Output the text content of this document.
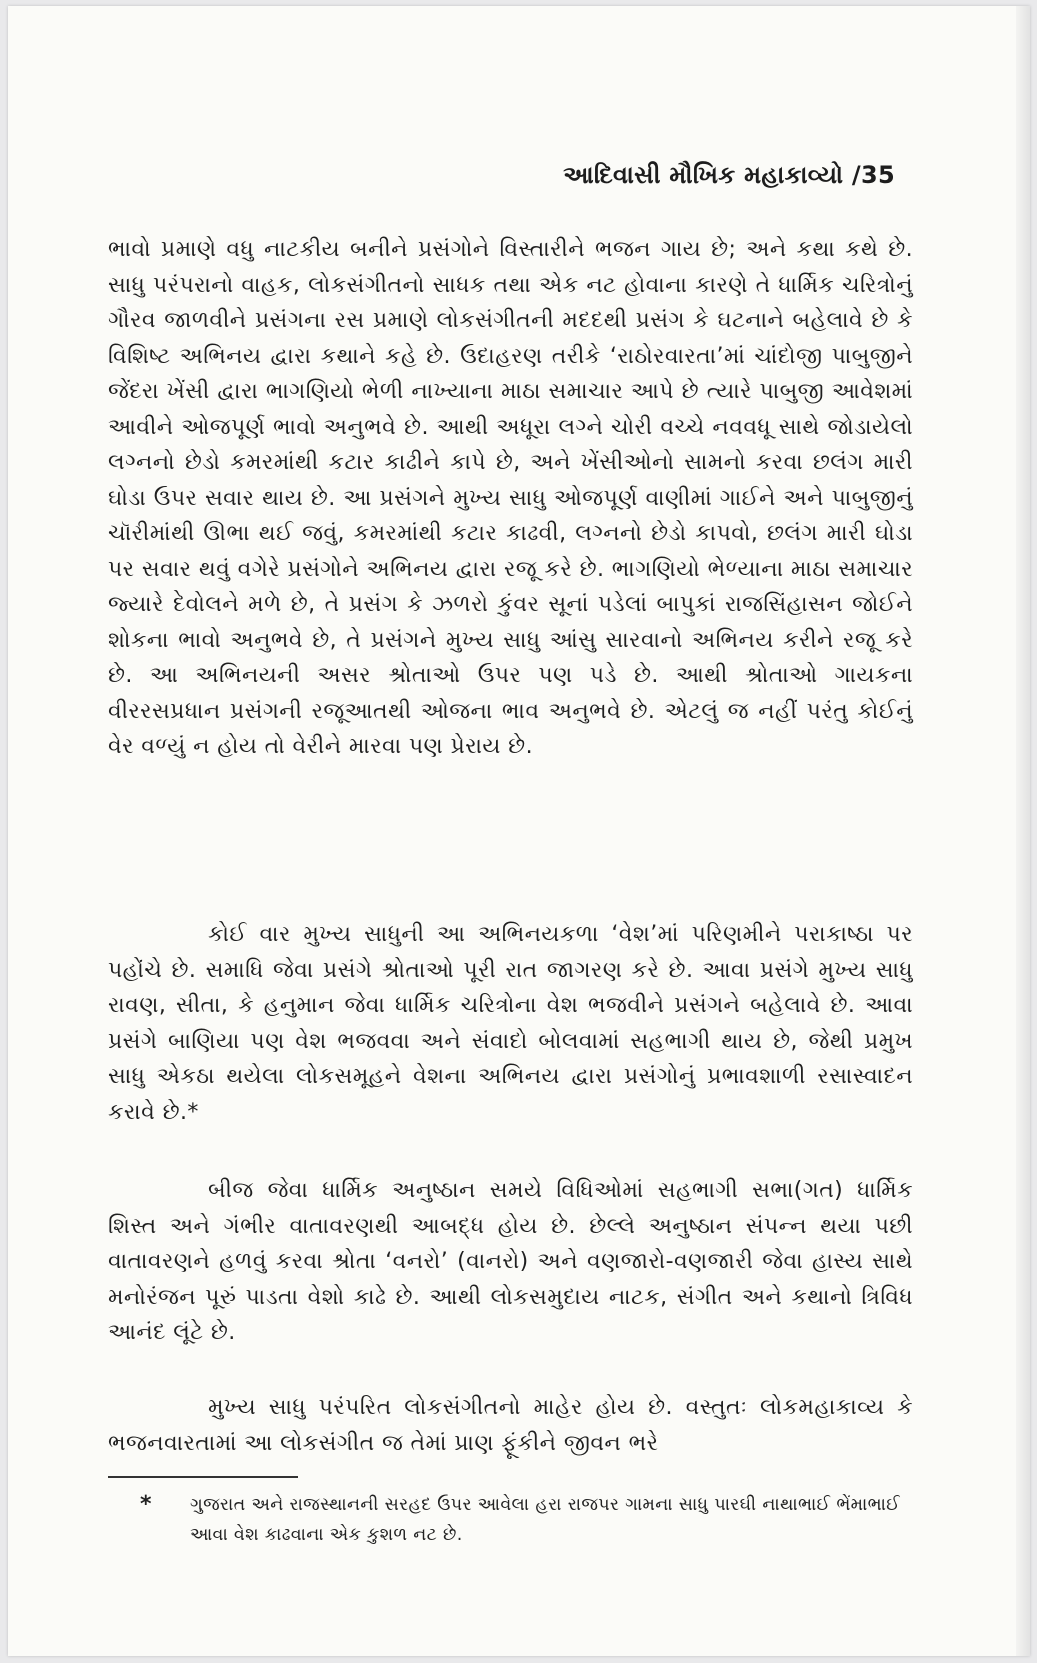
આદિવાસી મૌખિક મહાકાવ્યો /35

ભાવો પ્રમાણે વધુ નાટકીય બનીને પ્રસંગોને વિસ્તારીને ભજન ગાય છે; અને કથા કથે છે. સાધુ પરંપરાનો વાહક, લોકસંગીતનો સાધક તથા એક નટ હોવાના કારણે તે ધાર્મિક ચરિત્રોનું ગૌરવ જાળવીને પ્રસંગના રસ પ્રમાણે લોકસંગીતની મદદથી પ્રસંગ કે ઘટનાને બહેલાવે છે કે વિશિષ્ટ અભિનય દ્વારા કથાને કહે છે. ઉદાહરણ તરીકે ‘રાઠોરવારતા’માં ચાંદોજી પાબુજીને જેંદરા ખેંસી દ્વારા ભાગણિયો ભેળી નાખ્યાના માઠા સમાચાર આપે છે ત્યારે પાબુજી આવેશમાં આવીને ઓજપૂર્ણ ભાવો અનુભવે છે. આથી અધૂરા લગ્ને ચોરી વચ્ચે નવવધૂ સાથે જોડાયેલો લગ્નનો છેડો કમરમાંથી કટાર કાઢીને કાપે છે, અને ખેંસીઓનો સામનો કરવા છલંગ મારી ઘોડા ઉપર સવાર થાય છે. આ પ્રસંગને મુખ્ય સાધુ ઓજપૂર્ણ વાણીમાં ગાઈને અને પાબુજીનું ચૉરીમાંથી ઊભા થઈ જવું, કમરમાંથી કટાર કાઢવી, લગ્નનો છેડો કાપવો, છલંગ મારી ઘોડા પર સવાર થવું વગેરે પ્રસંગોને અભિનય દ્વારા રજૂ કરે છે. ભાગણિયો ભેળ્યાના માઠા સમાચાર જ્યારે દેવોલને મળે છે, તે પ્રસંગ કે ઝળરો કુંવર સૂનાં પડેલાં બાપુકાં રાજસિંહાસન જોઈને શોકના ભાવો અનુભવે છે, તે પ્રસંગને મુખ્ય સાધુ આંસુ સારવાનો અભિનય કરીને રજૂ કરે છે. આ અભિનયની અસર શ્રોતાઓ ઉપર પણ પડે છે. આથી શ્રોતાઓ ગાયકના વીરરસપ્રધાન પ્રસંગની રજૂઆતથી ઓજના ભાવ અનુભવે છે. એટલું જ નહીં પરંતુ કોઈનું વેર વળ્યું ન હોય તો વેરીને મારવા પણ પ્રેરાય છે.

કોઈ વાર મુખ્ય સાધુની આ અભિનયકળા ‘વેશ’માં પરિણમીને પરાકાષ્ઠા પર પહોંચે છે. સમાધિ જેવા પ્રસંગે શ્રોતાઓ પૂરી રાત જાગરણ કરે છે. આવા પ્રસંગે મુખ્ય સાધુ રાવણ, સીતા, કે હનુમાન જેવા ધાર્મિક ચરિત્રોના વેશ ભજવીને પ્રસંગને બહેલાવે છે. આવા પ્રસંગે બાણિયા પણ વેશ ભજવવા અને સંવાદો બોલવામાં સહભાગી થાય છે, જેથી પ્રમુખ સાધુ એકઠા થયેલા લોકસમૂહને વેશના અભિનય દ્વારા પ્રસંગોનું પ્રભાવશાળી રસાસ્વાદન કરાવે છે.*

બીજ જેવા ધાર્મિક અનુષ્ઠાન સમયે વિધિઓમાં સહભાગી સભા(ગત) ધાર્મિક શિસ્ત અને ગંભીર વાતાવરણથી આબદ્ધ હોય છે. છેલ્લે અનુષ્ઠાન સંપન્ન થયા પછી વાતાવરણને હળવું કરવા શ્રોતા ‘વનરો’ (વાનરો) અને વણજારો-વણજારી જેવા હાસ્ય સાથે મનોરંજન પૂરું પાડતા વેશો કાઢે છે. આથી લોકસમુદાય નાટક, સંગીત અને કથાનો ત્રિવિધ આનંદ લૂંટે છે.

મુખ્ય સાધુ પરંપરિત લોકસંગીતનો માહેર હોય છે. વસ્તુતઃ લોકમહાકાવ્ય કે ભજનવારતામાં આ લોકસંગીત જ તેમાં પ્રાણ ફૂંકીને જીવન ભરે

* ગુજરાત અને રાજસ્થાનની સરહદ ઉપર આવેલા હરા રાજપર ગામના સાધુ પારઘી નાથાભાઈ ભેંમાભાઈ આવા વેશ કાઢવાના એક કુશળ નટ છે.
